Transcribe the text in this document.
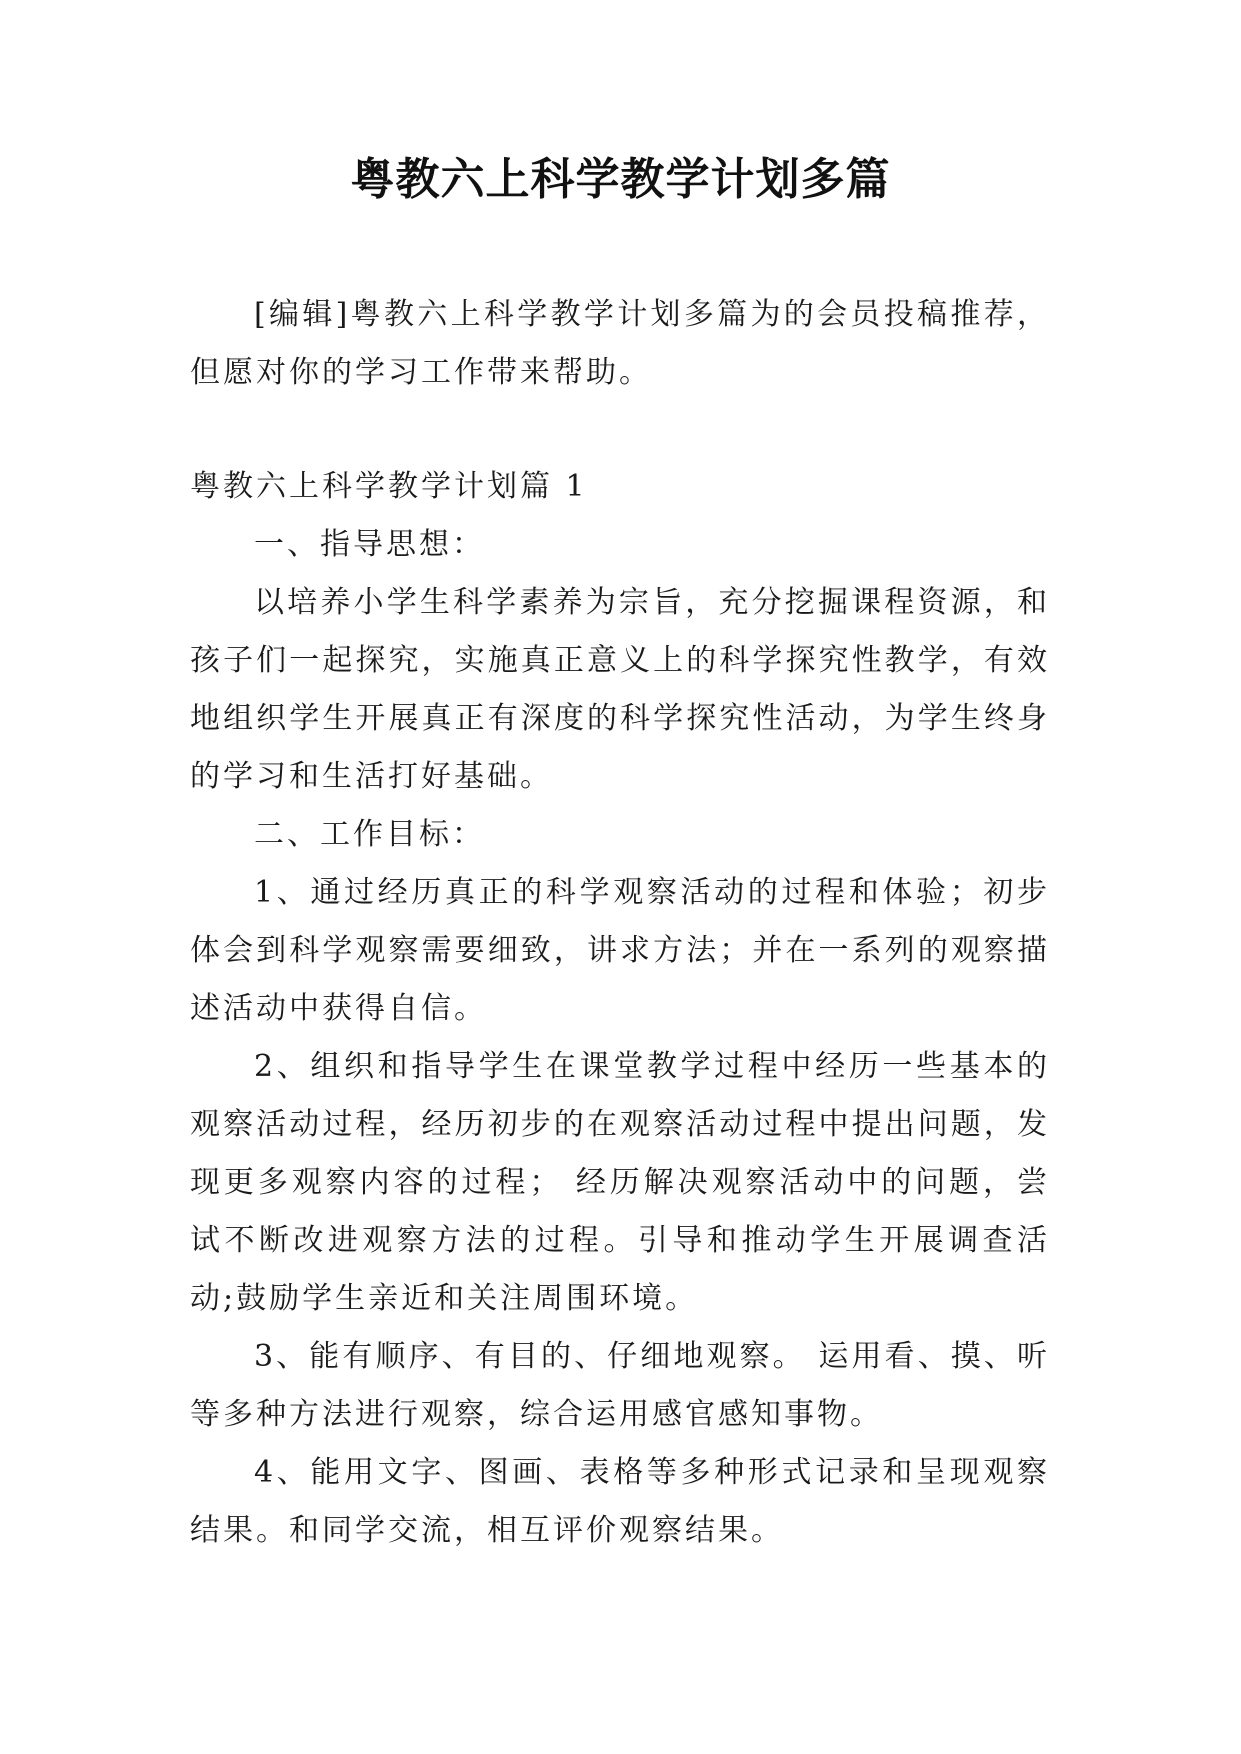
粤教六上科学教学计划多篇

[编辑]粤教六上科学教学计划多篇为的会员投稿推荐，但愿对你的学习工作带来帮助。

粤教六上科学教学计划篇 1

一、指导思想：

以培养小学生科学素养为宗旨，充分挖掘课程资源，和孩子们一起探究，实施真正意义上的科学探究性教学，有效地组织学生开展真正有深度的科学探究性活动，为学生终身的学习和生活打好基础。

二、工作目标：

1、通过经历真正的科学观察活动的过程和体验；初步体会到科学观察需要细致，讲求方法；并在一系列的观察描述活动中获得自信。

2、组织和指导学生在课堂教学过程中经历一些基本的观察活动过程，经历初步的在观察活动过程中提出问题，发现更多观察内容的过程； 经历解决观察活动中的问题，尝试不断改进观察方法的过程。引导和推动学生开展调查活动;鼓励学生亲近和关注周围环境。

3、能有顺序、有目的、仔细地观察。 运用看、摸、听等多种方法进行观察，综合运用感官感知事物。

4、能用文字、图画、表格等多种形式记录和呈现观察结果。和同学交流，相互评价观察结果。
